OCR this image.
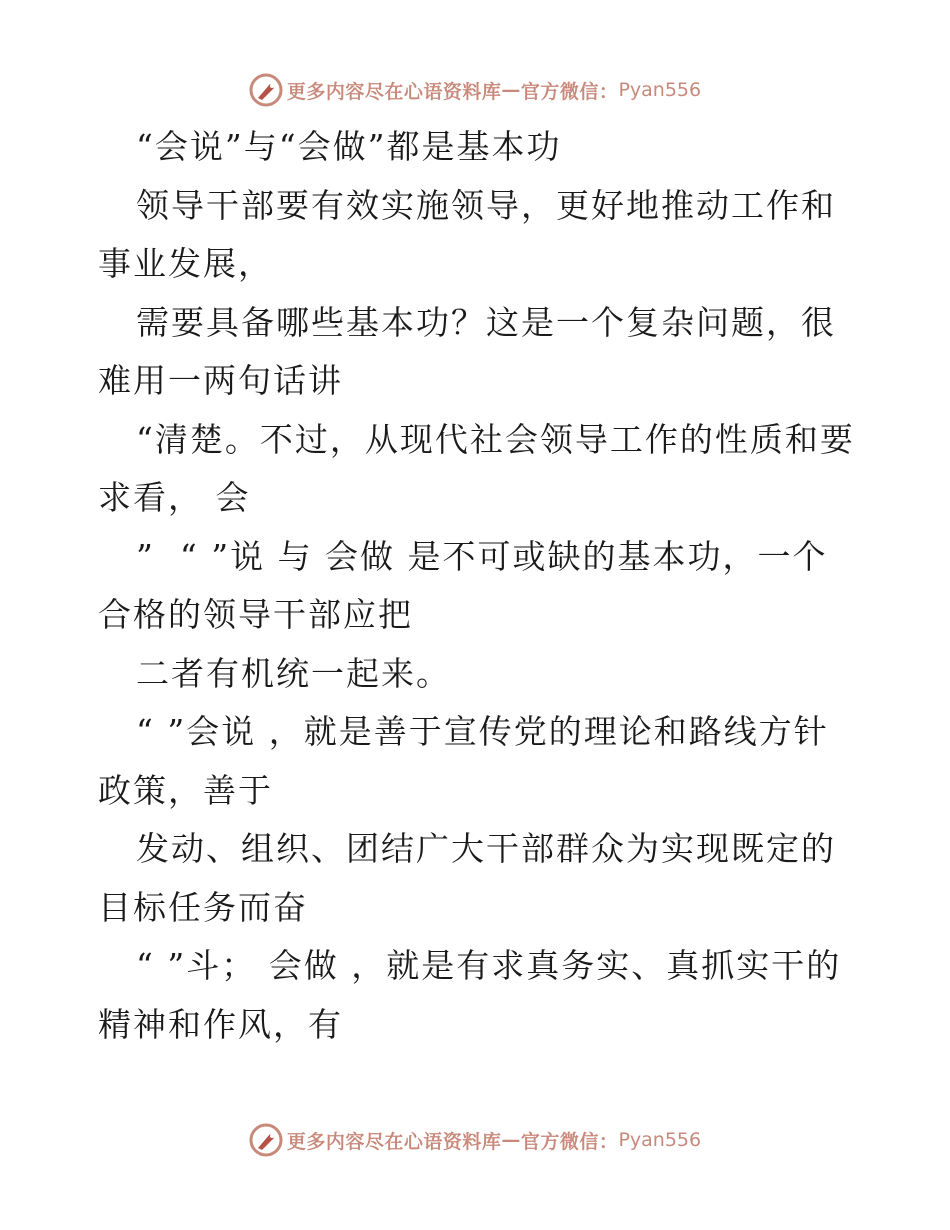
更多内容尽在心语资料库 — 官方微信： Pyan556

“会说”与“会做”都是基本功

领导干部要有效实施领导，更好地推动工作和事业发展，

需要具备哪些基本功？这是一个复杂问题，很难用一两句话讲

“清楚。不过，从现代社会领导工作的性质和要求看， 会

”  “ ”说 与 会做 是不可或缺的基本功，一个合格的领导干部应把

二者有机统一起来。

“ ”会说 ，就是善于宣传党的理论和路线方针政策，善于

发动、组织、团结广大干部群众为实现既定的目标任务而奋

“ ”斗； 会做 ，就是有求真务实、真抓实干的精神和作风，有

更多内容尽在心语资料库 — 官方微信： Pyan556
